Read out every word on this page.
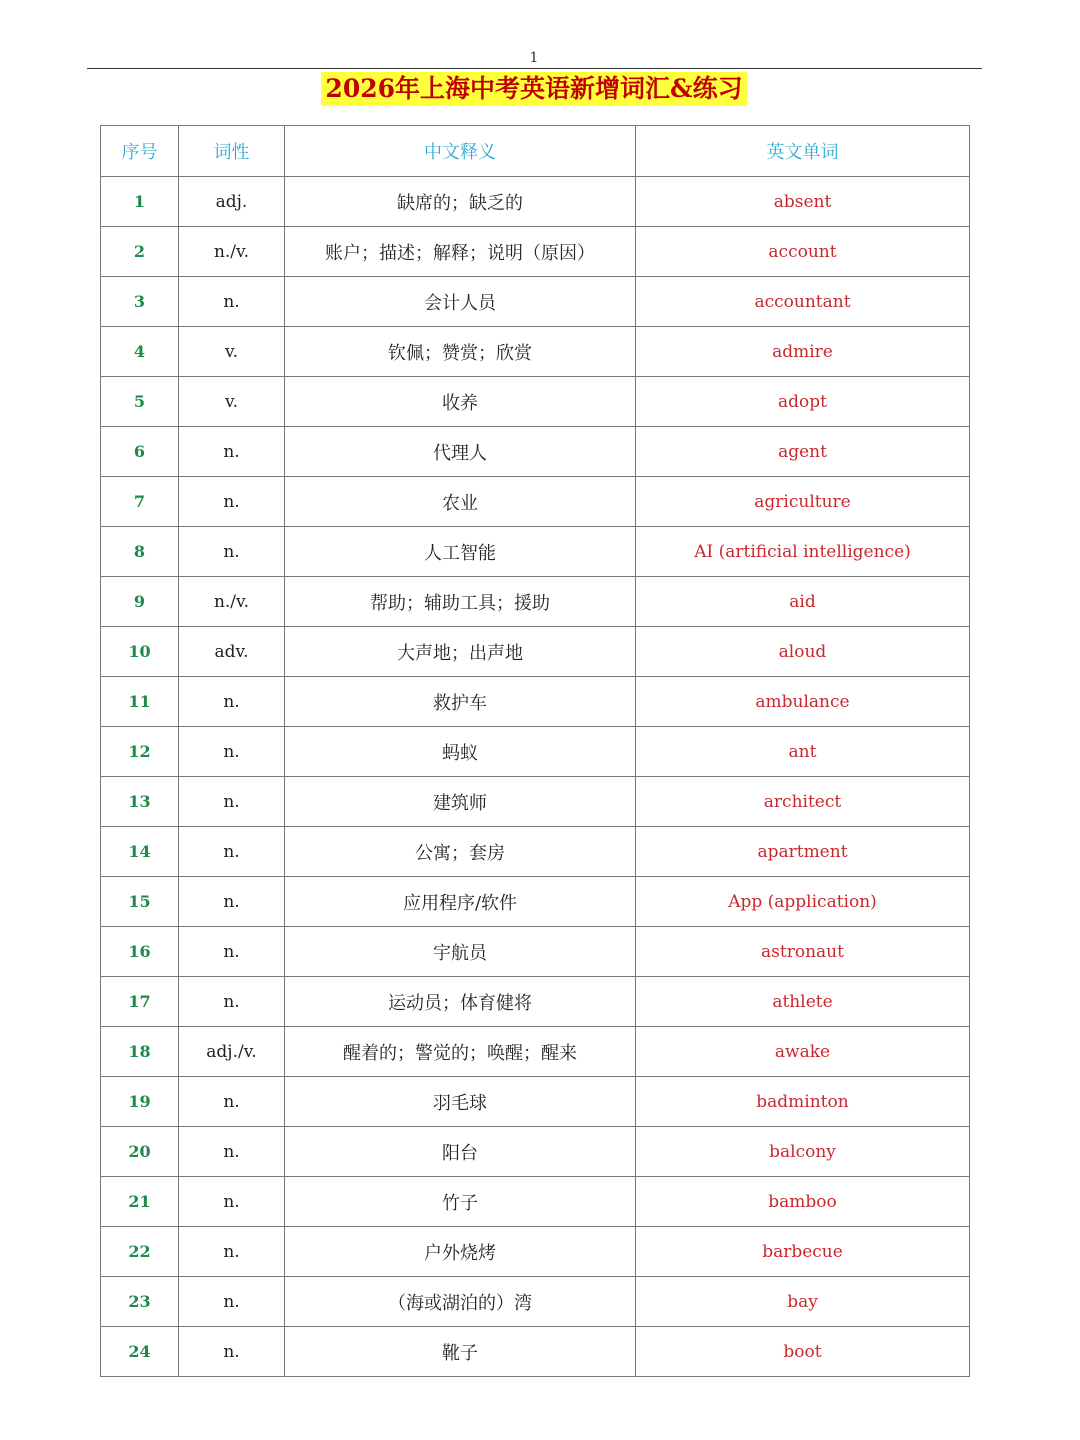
1
2026年上海中考英语新增词汇&练习
序号	词性	中文释义	英文单词
1	adj.	缺席的；缺乏的	absent
2	n./v.	账户；描述；解释；说明（原因）	account
3	n.	会计人员	accountant
4	v.	钦佩；赞赏；欣赏	admire
5	v.	收养	adopt
6	n.	代理人	agent
7	n.	农业	agriculture
8	n.	人工智能	AI (artificial intelligence)
9	n./v.	帮助；辅助工具；援助	aid
10	adv.	大声地；出声地	aloud
11	n.	救护车	ambulance
12	n.	蚂蚁	ant
13	n.	建筑师	architect
14	n.	公寓；套房	apartment
15	n.	应用程序/软件	App (application)
16	n.	宇航员	astronaut
17	n.	运动员；体育健将	athlete
18	adj./v.	醒着的；警觉的；唤醒；醒来	awake
19	n.	羽毛球	badminton
20	n.	阳台	balcony
21	n.	竹子	bamboo
22	n.	户外烧烤	barbecue
23	n.	（海或湖泊的）湾	bay
24	n.	靴子	boot
